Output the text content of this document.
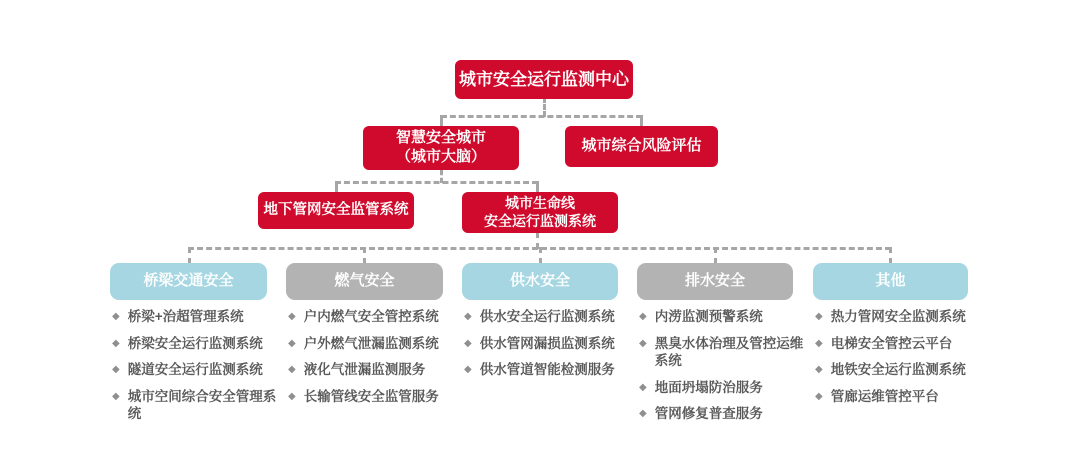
城市安全运行监测中心
智慧安全城市
（城市大脑）
城市综合风险评估
地下管网安全监管系统	城市生命线
安全运行监测系统
桥梁交通安全	燃气安全	供水安全	排水安全	其他
◆ 桥梁+治超管理系统
◆ 桥梁安全运行监测系统
◆ 隧道安全运行监测系统
◆ 城市空间综合安全管理系统
◆ 户内燃气安全管控系统
◆ 户外燃气泄漏监测系统
◆ 液化气泄漏监测服务
◆ 长输管线安全监管服务
◆ 供水安全运行监测系统
◆ 供水管网漏损监测系统
◆ 供水管道智能检测服务
◆ 内涝监测预警系统
◆ 黑臭水体治理及管控运维系统
◆ 地面坍塌防治服务
◆ 管网修复普查服务
◆ 热力管网安全监测系统
◆ 电梯安全管控云平台
◆ 地铁安全运行监测系统
◆ 管廊运维管控平台
